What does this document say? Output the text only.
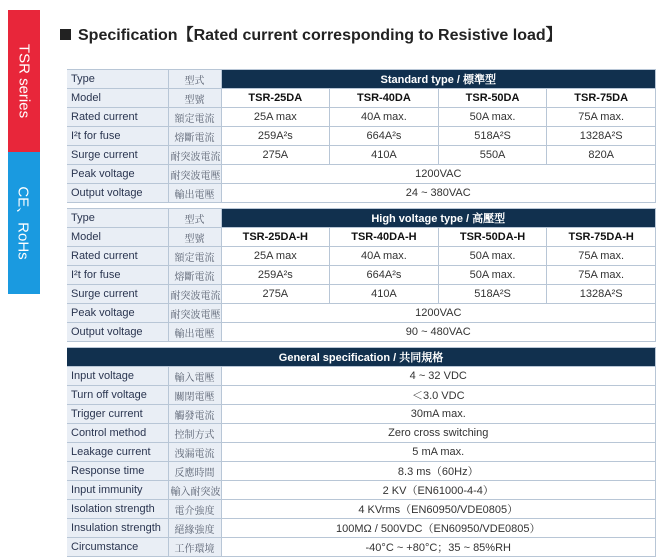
TSR series
CE、RoHs
Specification【Rated current corresponding to Resistive load】
Type	型式	Standard type / 標準型			
Model	型號	TSR-25DA	TSR-40DA	TSR-50DA	TSR-75DA
Rated current	額定電流	25A max	40A max.	50A max.	75A max.
I²t for fuse	熔斷電流	259A²s	664A²s	518A²S	1328A²S
Surge current	耐突波電流	275A	410A	550A	820A
Peak voltage	耐突波電壓	1200VAC			
Output voltage	輸出電壓	24 ~ 380VAC			
Type	型式	High voltage type / 高壓型			
Model	型號	TSR-25DA-H	TSR-40DA-H	TSR-50DA-H	TSR-75DA-H
Rated current	額定電流	25A max	40A max.	50A max.	75A max.
I²t for fuse	熔斷電流	259A²s	664A²s	50A max.	75A max.
Surge current	耐突波電流	275A	410A	518A²S	1328A²S
Peak voltage	耐突波電壓	1200VAC			
Output voltage	輸出電壓	90 ~ 480VAC			
General specification / 共同規格		
Input voltage	輸入電壓	4 ~ 32 VDC
Turn off voltage	關閉電壓	＜3.0 VDC
Trigger current	觸發電流	30mA max.
Control method	控制方式	Zero cross switching
Leakage current	洩漏電流	5 mA max.
Response time	反應時間	8.3 ms（60Hz）
Input immunity	輸入耐突波	2 KV（EN61000-4-4）
Isolation strength	電介強度	4 KVrms（EN60950/VDE0805）
Insulation strength	絕緣強度	100MΩ / 500VDC（EN60950/VDE0805）
Circumstance	工作環境	-40°C ~ +80°C；35 ~ 85%RH
